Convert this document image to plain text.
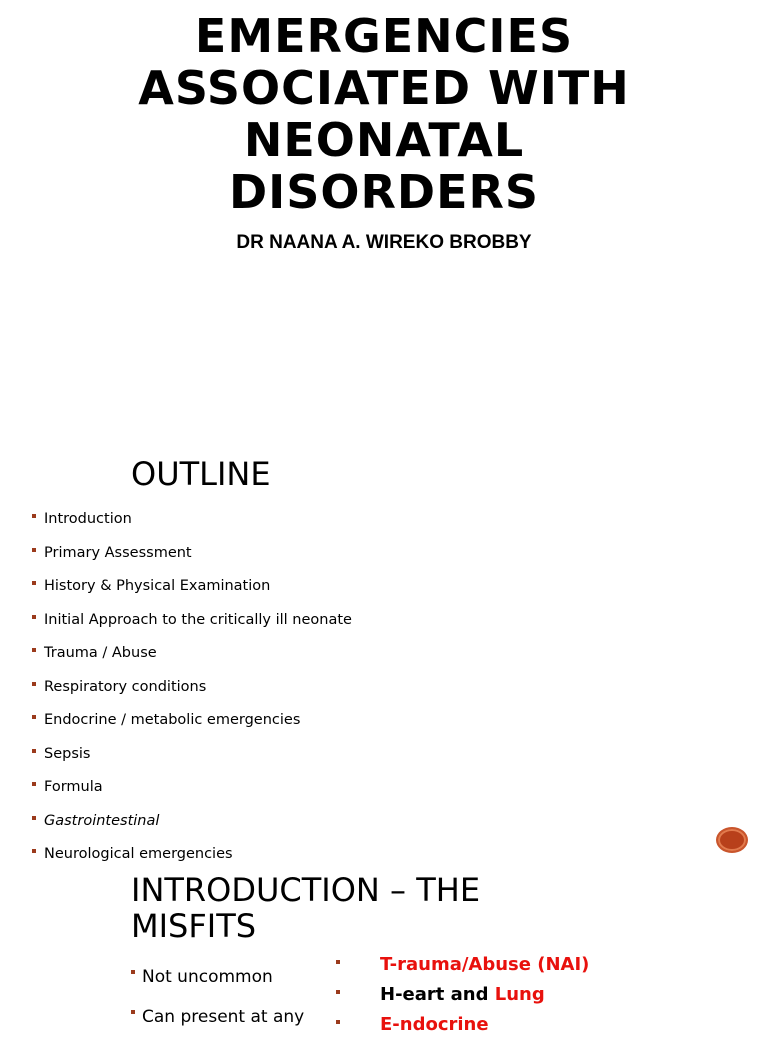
EMERGENCIES
ASSOCIATED WITH
NEONATAL
DISORDERS
DR NAANA A. WIREKO BROBBY
OUTLINE
Introduction
Primary Assessment
History & Physical Examination
Initial Approach to the critically ill neonate
Trauma / Abuse
Respiratory conditions
Endocrine / metabolic emergencies
Sepsis
Formula
Gastrointestinal
Neurological emergencies
INTRODUCTION – THE
MISFITS
Not uncommon
Can present at any
T-rauma/Abuse (NAI)
H-eart and Lung
E-ndocrine
